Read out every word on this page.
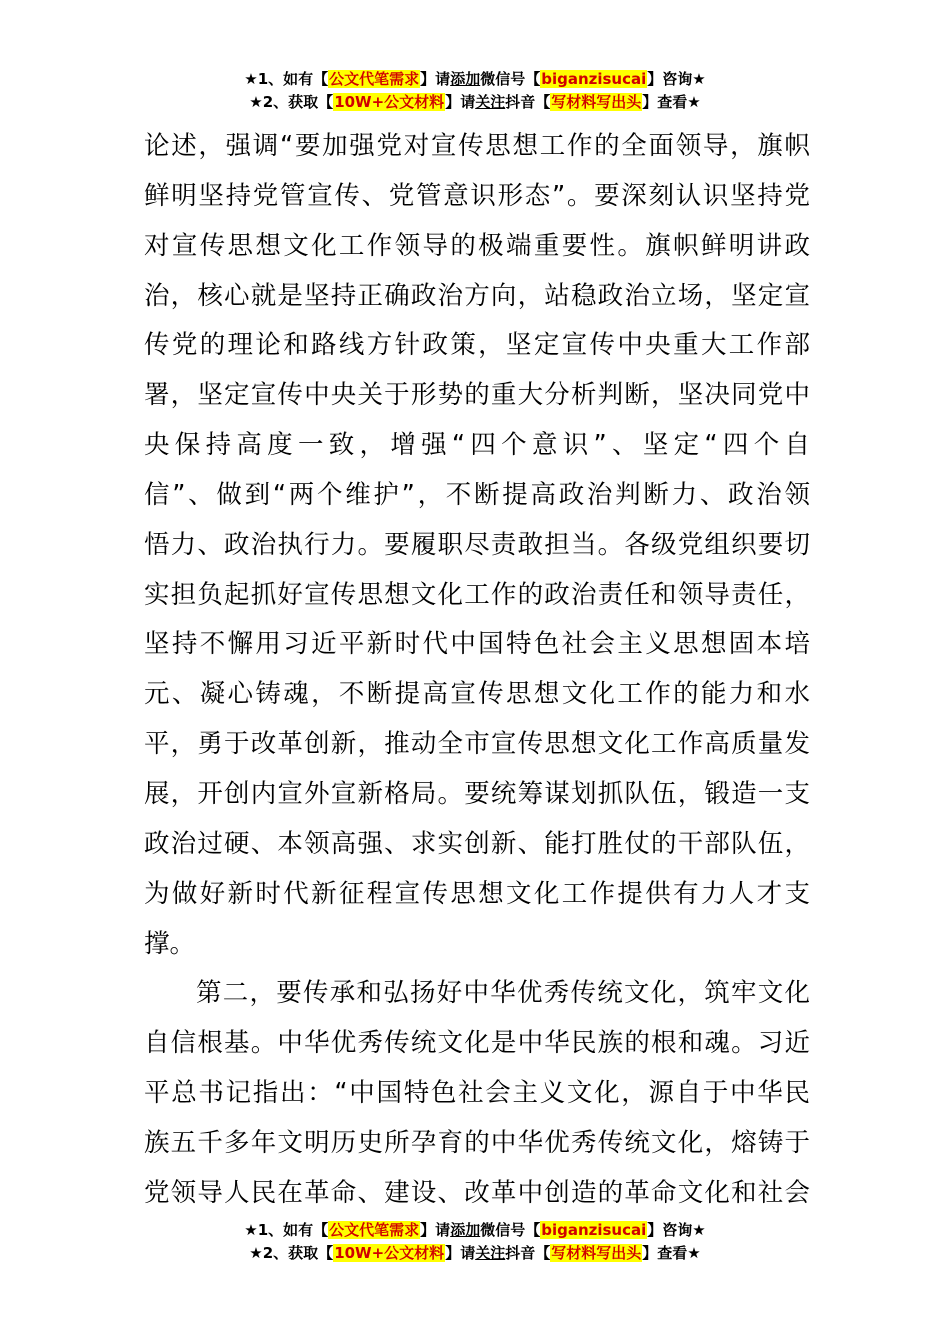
★1、如有【公文代笔需求】请添加微信号【biganzisucai】咨询★
★2、获取【10W+公文材料】请关注抖音【写材料写出头】查看★
论述，强调“要加强党对宣传思想工作的全面领导，旗帜
鲜明坚持党管宣传、党管意识形态”。要深刻认识坚持党
对宣传思想文化工作领导的极端重要性。旗帜鲜明讲政
治，核心就是坚持正确政治方向，站稳政治立场，坚定宣
传党的理论和路线方针政策，坚定宣传中央重大工作部
署，坚定宣传中央关于形势的重大分析判断，坚决同党中
央保持高度一致，增强“四个意识”、坚定“四个自
信”、做到“两个维护”，不断提高政治判断力、政治领
悟力、政治执行力。要履职尽责敢担当。各级党组织要切
实担负起抓好宣传思想文化工作的政治责任和领导责任，
坚持不懈用习近平新时代中国特色社会主义思想固本培
元、凝心铸魂，不断提高宣传思想文化工作的能力和水
平，勇于改革创新，推动全市宣传思想文化工作高质量发
展，开创内宣外宣新格局。要统筹谋划抓队伍，锻造一支
政治过硬、本领高强、求实创新、能打胜仗的干部队伍，
为做好新时代新征程宣传思想文化工作提供有力人才支
撑。
第二，要传承和弘扬好中华优秀传统文化，筑牢文化
自信根基。中华优秀传统文化是中华民族的根和魂。习近
平总书记指出：“中国特色社会主义文化，源自于中华民
族五千多年文明历史所孕育的中华优秀传统文化，熔铸于
党领导人民在革命、建设、改革中创造的革命文化和社会
★1、如有【公文代笔需求】请添加微信号【biganzisucai】咨询★
★2、获取【10W+公文材料】请关注抖音【写材料写出头】查看★
